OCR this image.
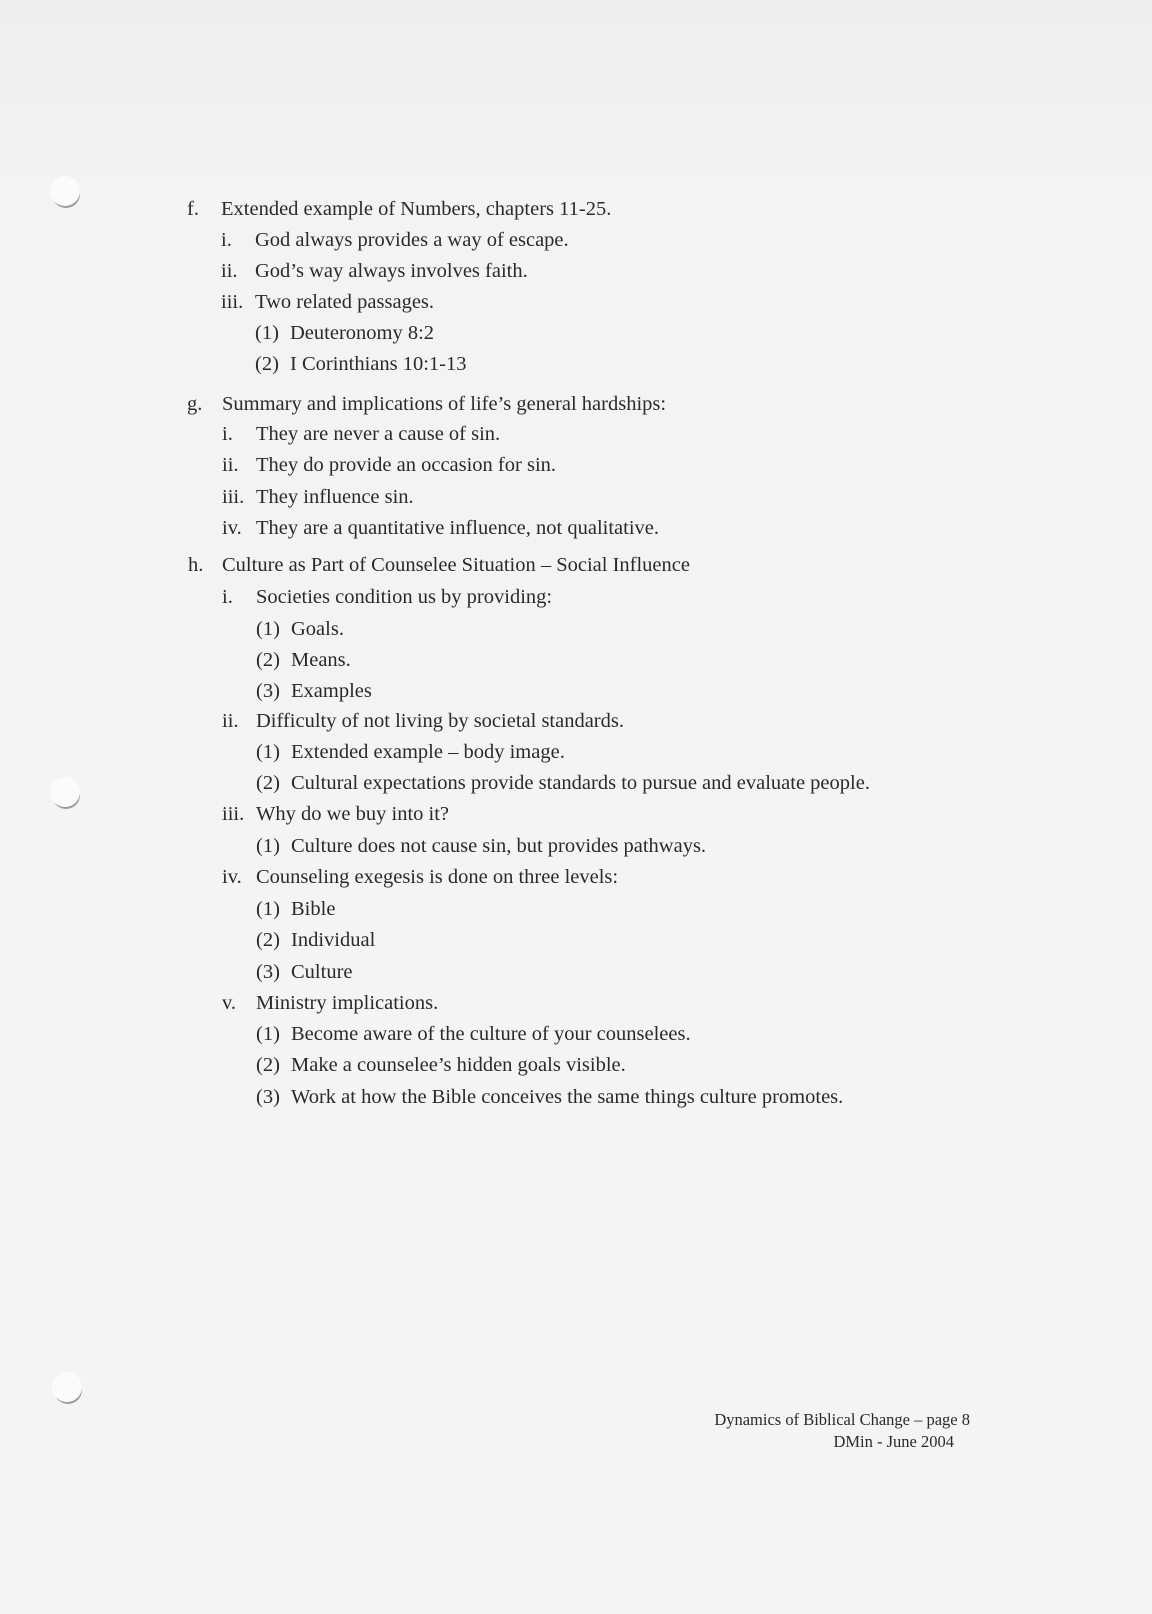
f. Extended example of Numbers, chapters 11-25.
i. God always provides a way of escape.
ii. God’s way always involves faith.
iii. Two related passages.
(1) Deuteronomy 8:2
(2) I Corinthians 10:1-13
g. Summary and implications of life’s general hardships:
i. They are never a cause of sin.
ii. They do provide an occasion for sin.
iii. They influence sin.
iv. They are a quantitative influence, not qualitative.
h. Culture as Part of Counselee Situation – Social Influence
i. Societies condition us by providing:
(1) Goals.
(2) Means.
(3) Examples
ii. Difficulty of not living by societal standards.
(1) Extended example – body image.
(2) Cultural expectations provide standards to pursue and evaluate people.
iii. Why do we buy into it?
(1) Culture does not cause sin, but provides pathways.
iv. Counseling exegesis is done on three levels:
(1) Bible
(2) Individual
(3) Culture
v. Ministry implications.
(1) Become aware of the culture of your counselees.
(2) Make a counselee’s hidden goals visible.
(3) Work at how the Bible conceives the same things culture promotes.
Dynamics of Biblical Change – page 8
DMin - June 2004
